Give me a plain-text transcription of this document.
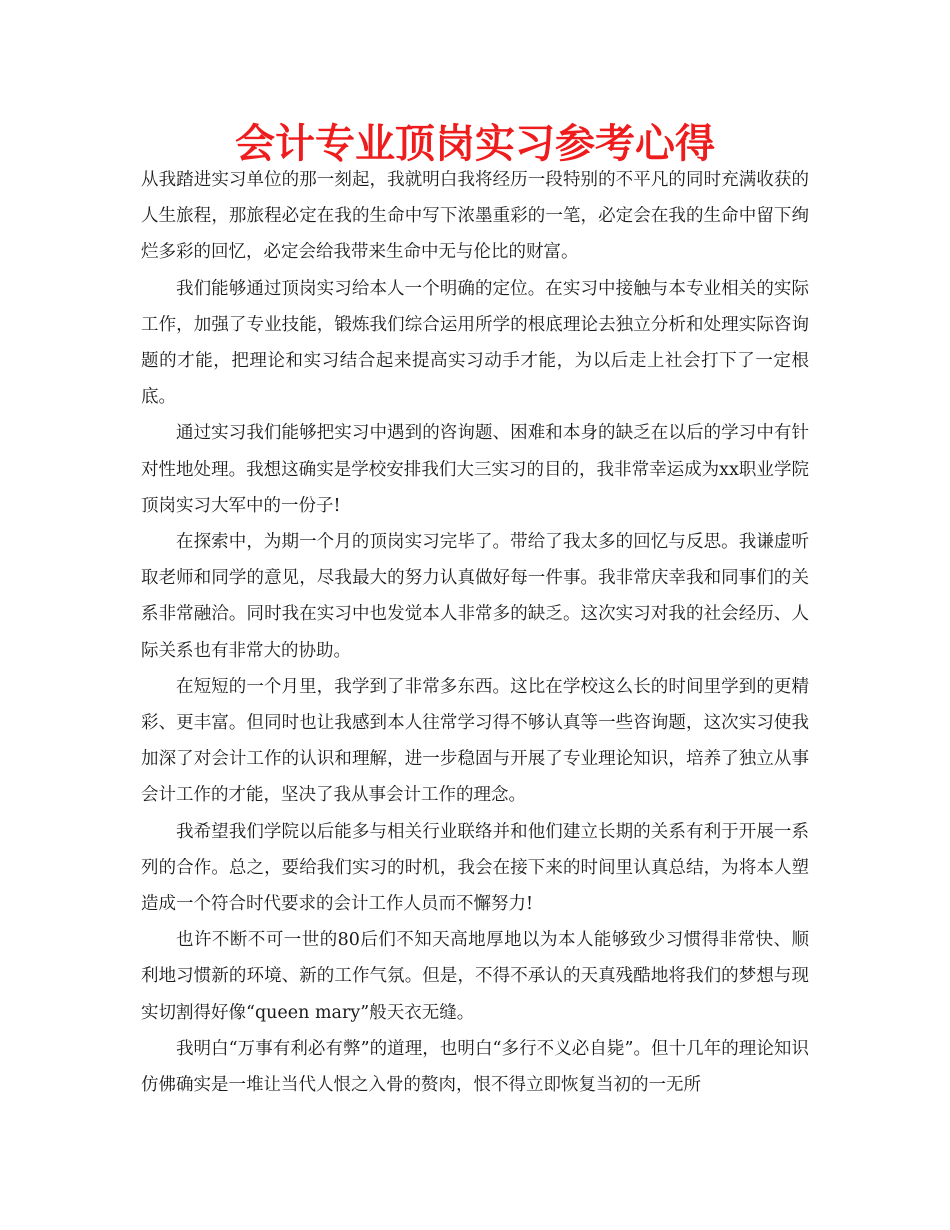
会计专业顶岗实习参考心得

从我踏进实习单位的那一刻起，我就明白我将经历一段特别的不平凡的同时充满收获的人生旅程，那旅程必定在我的生命中写下浓墨重彩的一笔，必定会在我的生命中留下绚烂多彩的回忆，必定会给我带来生命中无与伦比的财富。

我们能够通过顶岗实习给本人一个明确的定位。在实习中接触与本专业相关的实际工作，加强了专业技能，锻炼我们综合运用所学的根底理论去独立分析和处理实际咨询题的才能，把理论和实习结合起来提高实习动手才能，为以后走上社会打下了一定根底。

通过实习我们能够把实习中遇到的咨询题、困难和本身的缺乏在以后的学习中有针对性地处理。我想这确实是学校安排我们大三实习的目的，我非常幸运成为xx职业学院顶岗实习大军中的一份子!

在探索中，为期一个月的顶岗实习完毕了。带给了我太多的回忆与反思。我谦虚听取老师和同学的意见，尽我最大的努力认真做好每一件事。我非常庆幸我和同事们的关系非常融洽。同时我在实习中也发觉本人非常多的缺乏。这次实习对我的社会经历、人际关系也有非常大的协助。

在短短的一个月里，我学到了非常多东西。这比在学校这么长的时间里学到的更精彩、更丰富。但同时也让我感到本人往常学习得不够认真等一些咨询题，这次实习使我加深了对会计工作的认识和理解，进一步稳固与开展了专业理论知识，培养了独立从事会计工作的才能，坚决了我从事会计工作的理念。

我希望我们学院以后能多与相关行业联络并和他们建立长期的关系有利于开展一系列的合作。总之，要给我们实习的时机，我会在接下来的时间里认真总结，为将本人塑造成一个符合时代要求的会计工作人员而不懈努力!

也许不断不可一世的80后们不知天高地厚地以为本人能够致少习惯得非常快、顺利地习惯新的环境、新的工作气氛。但是，不得不承认的天真残酷地将我们的梦想与现实切割得好像“queen mary”般天衣无缝。

我明白“万事有利必有弊”的道理，也明白“多行不义必自毙”。但十几年的理论知识仿佛确实是一堆让当代人恨之入骨的赘肉，恨不得立即恢复当初的一无所
